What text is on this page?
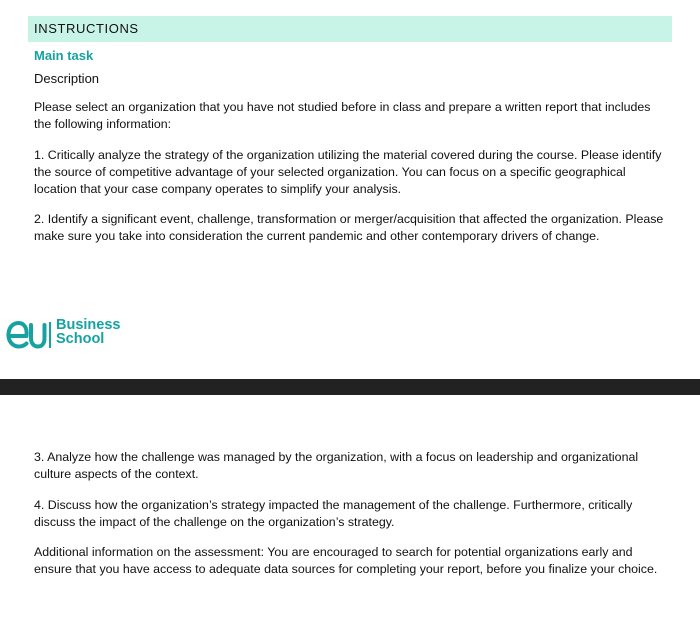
INSTRUCTIONS
Main task
Description

Please select an organization that you have not studied before in class and prepare a written report that includes the following information:

1. Critically analyze the strategy of the organization utilizing the material covered during the course. Please identify the source of competitive advantage of your selected organization. You can focus on a specific geographical location that your case company operates to simplify your analysis.

2. Identify a significant event, challenge, transformation or merger/acquisition that affected the organization. Please make sure you take into consideration the current pandemic and other contemporary drivers of change.

Business
School

3. Analyze how the challenge was managed by the organization, with a focus on leadership and organizational culture aspects of the context.

4. Discuss how the organization’s strategy impacted the management of the challenge. Furthermore, critically discuss the impact of the challenge on the organization’s strategy.

Additional information on the assessment: You are encouraged to search for potential organizations early and ensure that you have access to adequate data sources for completing your report, before you finalize your choice.
